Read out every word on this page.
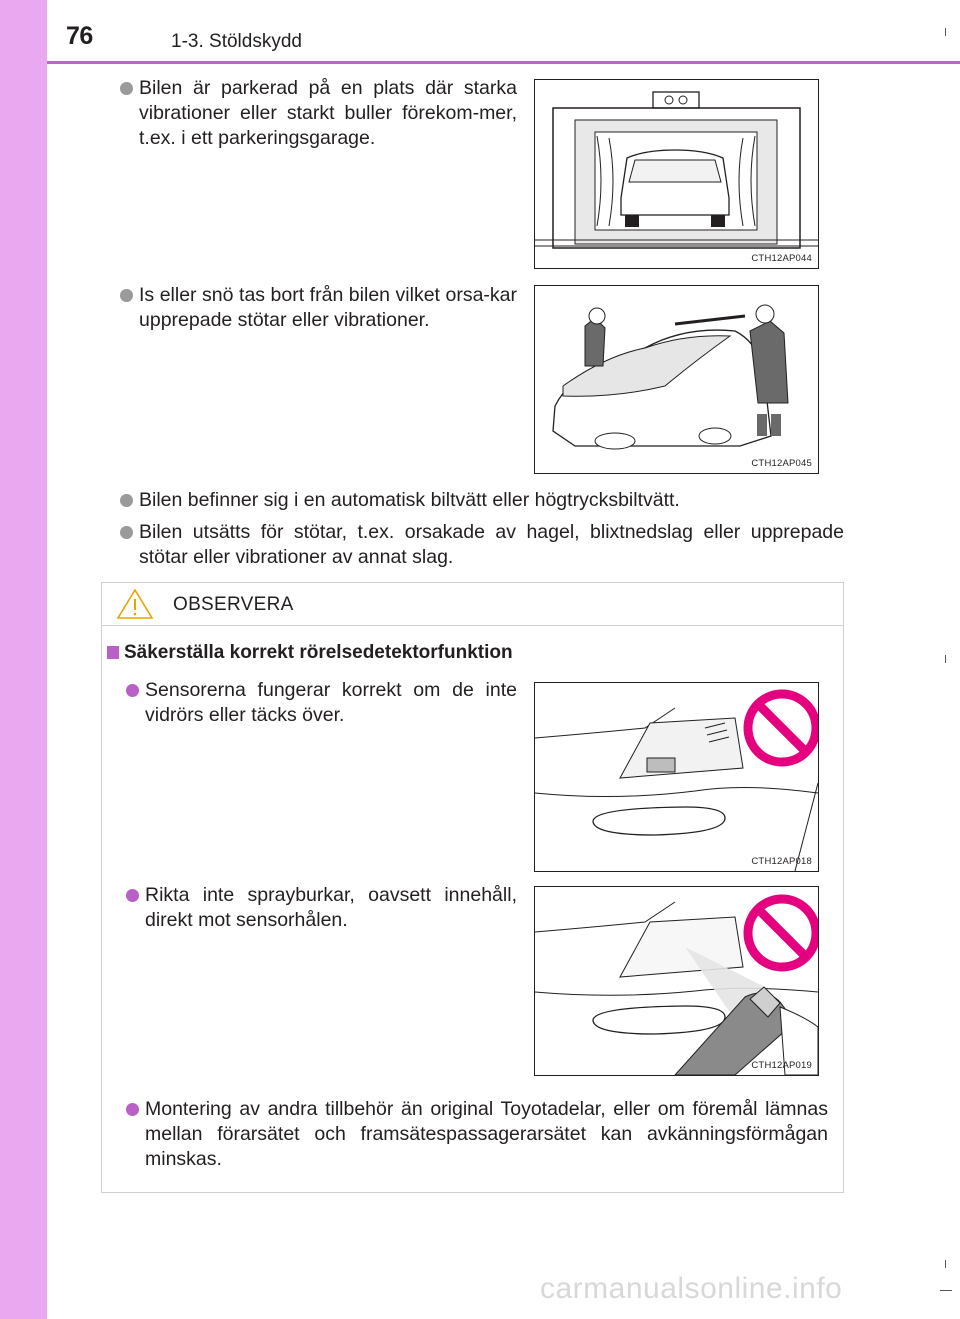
76	1-3. Stöldskydd
Bilen är parkerad på en plats där starka vibrationer eller starkt buller förekom-mer, t.ex. i ett parkeringsgarage.
Is eller snö tas bort från bilen vilket orsa-kar upprepade stötar eller vibrationer.
Bilen befinner sig i en automatisk biltvätt eller högtrycksbiltvätt.
Bilen utsätts för stötar, t.ex. orsakade av hagel, blixtnedslag eller upprepade stötar eller vibrationer av annat slag.
CTH12AP044
CTH12AP045
OBSERVERA
Säkerställa korrekt rörelsedetektorfunktion
Sensorerna fungerar korrekt om de inte vidrörs eller täcks över.
Rikta inte sprayburkar, oavsett innehåll, direkt mot sensorhålen.
Montering av andra tillbehör än original Toyotadelar, eller om föremål lämnas mellan förarsätet och framsätespassagerarsätet kan avkänningsförmågan minskas.
CTH12AP018
CTH12AP019
carmanualsonline.info
